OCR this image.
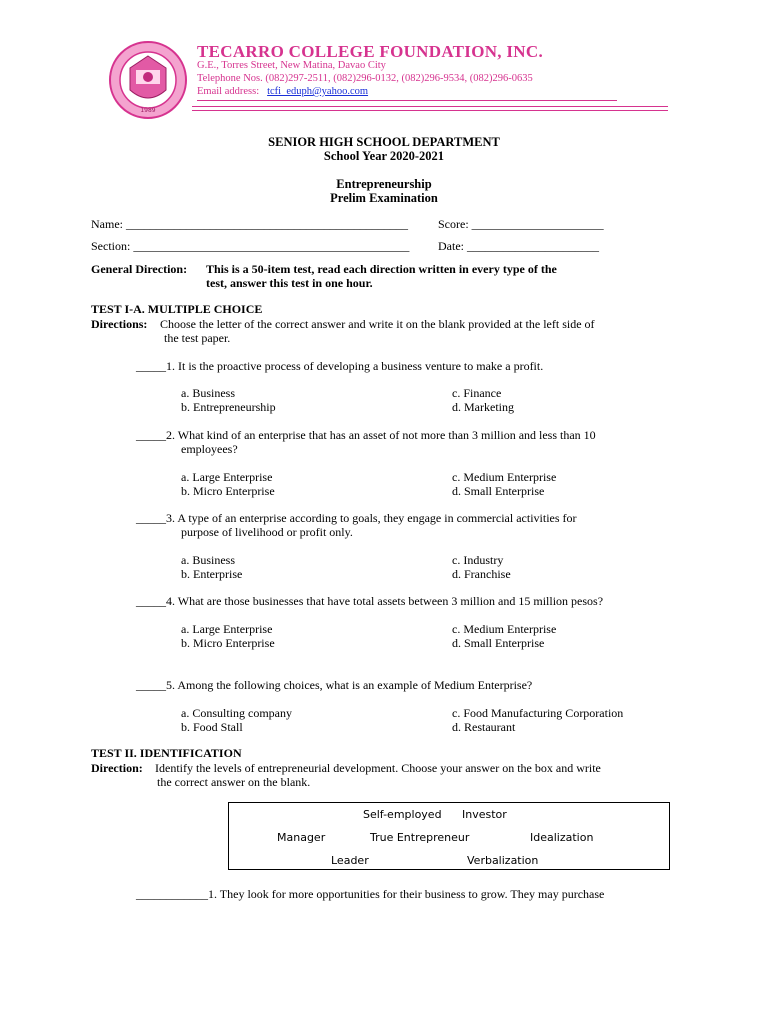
1989
TECARRO COLLEGE FOUNDATION, INC.
G.E., Torres Street, New Matina, Davao City
Telephone Nos. (082)297-2511, (082)296-0132, (082)296-9534, (082)296-0635
Email address: tcfi_eduph@yahoo.com
SENIOR HIGH SCHOOL DEPARTMENT
School Year 2020-2021
Entrepreneurship
Prelim Examination
Name: _______________________________________________	Score: ______________________
Section: ______________________________________________ Date: ______________________
General Direction: This is a 50-item test, read each direction written in every type of the
test, answer this test in one hour.
TEST I-A. MULTIPLE CHOICE
Directions: Choose the letter of the correct answer and write it on the blank provided at the left side of
the test paper.
_____1. It is the proactive process of developing a business venture to make a profit.
a. Business
b. Entrepreneurship
c. Finance
d. Marketing
_____2. What kind of an enterprise that has an asset of not more than 3 million and less than 10
employees?
a. Large Enterprise
b. Micro Enterprise
c. Medium Enterprise
d. Small Enterprise
_____3. A type of an enterprise according to goals, they engage in commercial activities for
purpose of livelihood or profit only.
a. Business
b. Enterprise
c. Industry
d. Franchise
_____4. What are those businesses that have total assets between 3 million and 15 million pesos?
a. Large Enterprise
b. Micro Enterprise
c. Medium Enterprise
d. Small Enterprise
_____5. Among the following choices, what is an example of Medium Enterprise?
a. Consulting company
b. Food Stall
c. Food Manufacturing Corporation
d. Restaurant
TEST II. IDENTIFICATION
Direction: Identify the levels of entrepreneurial development. Choose your answer on the box and write
the correct answer on the blank.
Self-employed Investor
Manager	True Entrepreneur	Idealization
Leader	Verbalization
____________1. They look for more opportunities for their business to grow. They may purchase
